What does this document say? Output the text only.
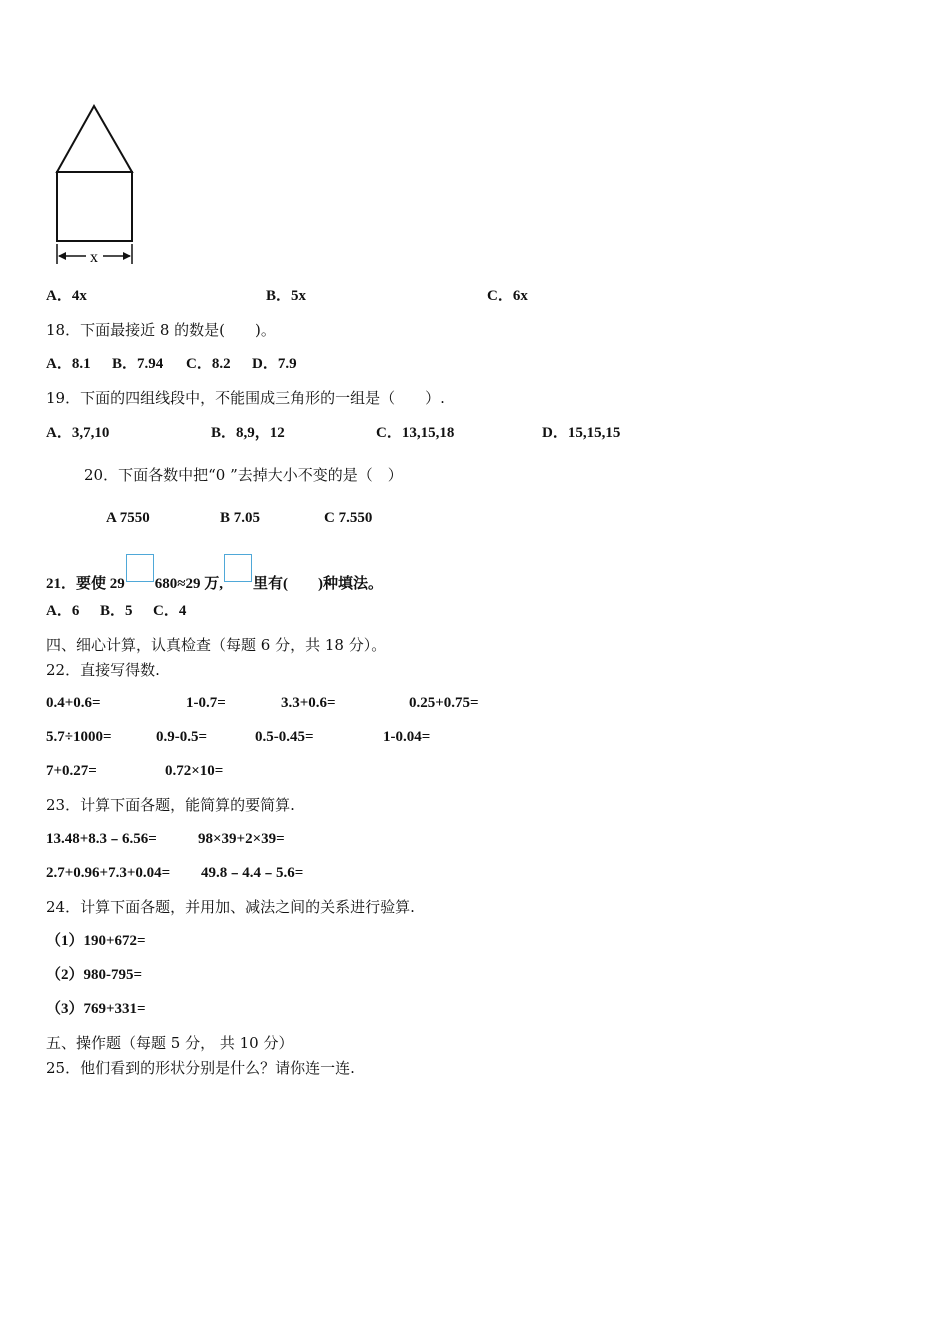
x
A．4x	B．5x	C．6x
18．下面最接近 8 的数是(　　)。
A．8.1 B．7.94 C．8.2 D．7.9
19．下面的四组线段中，不能围成三角形的一组是（　　）.
A．3,7,10	B．8,9，12	C．13,15,18	D．15,15,15
20．下面各数中把“0 ”去掉大小不变的是（　）
A 7550	B 7.05	C 7.550
21．要使 29 680≈29 万, 里有(　　)种填法。
A．6 B．5 C．4
四、细心计算，认真检查（每题 6 分，共 18 分）。
22．直接写得数.
0.4+0.6=	1-0.7=	3.3+0.6=	0.25+0.75=
5.7÷1000=	0.9-0.5=	0.5-0.45=	1-0.04=
7+0.27=	0.72×10=
23．计算下面各题，能简算的要简算.
13.48+8.3﹣6.56=	98×39+2×39=
2.7+0.96+7.3+0.04= 49.8﹣4.4﹣5.6=
24．计算下面各题，并用加、减法之间的关系进行验算.
（1）190+672=
（2）980-795=
（3）769+331=
五、操作题（每题 5 分， 共 10 分）
25．他们看到的形状分别是什么？请你连一连.
